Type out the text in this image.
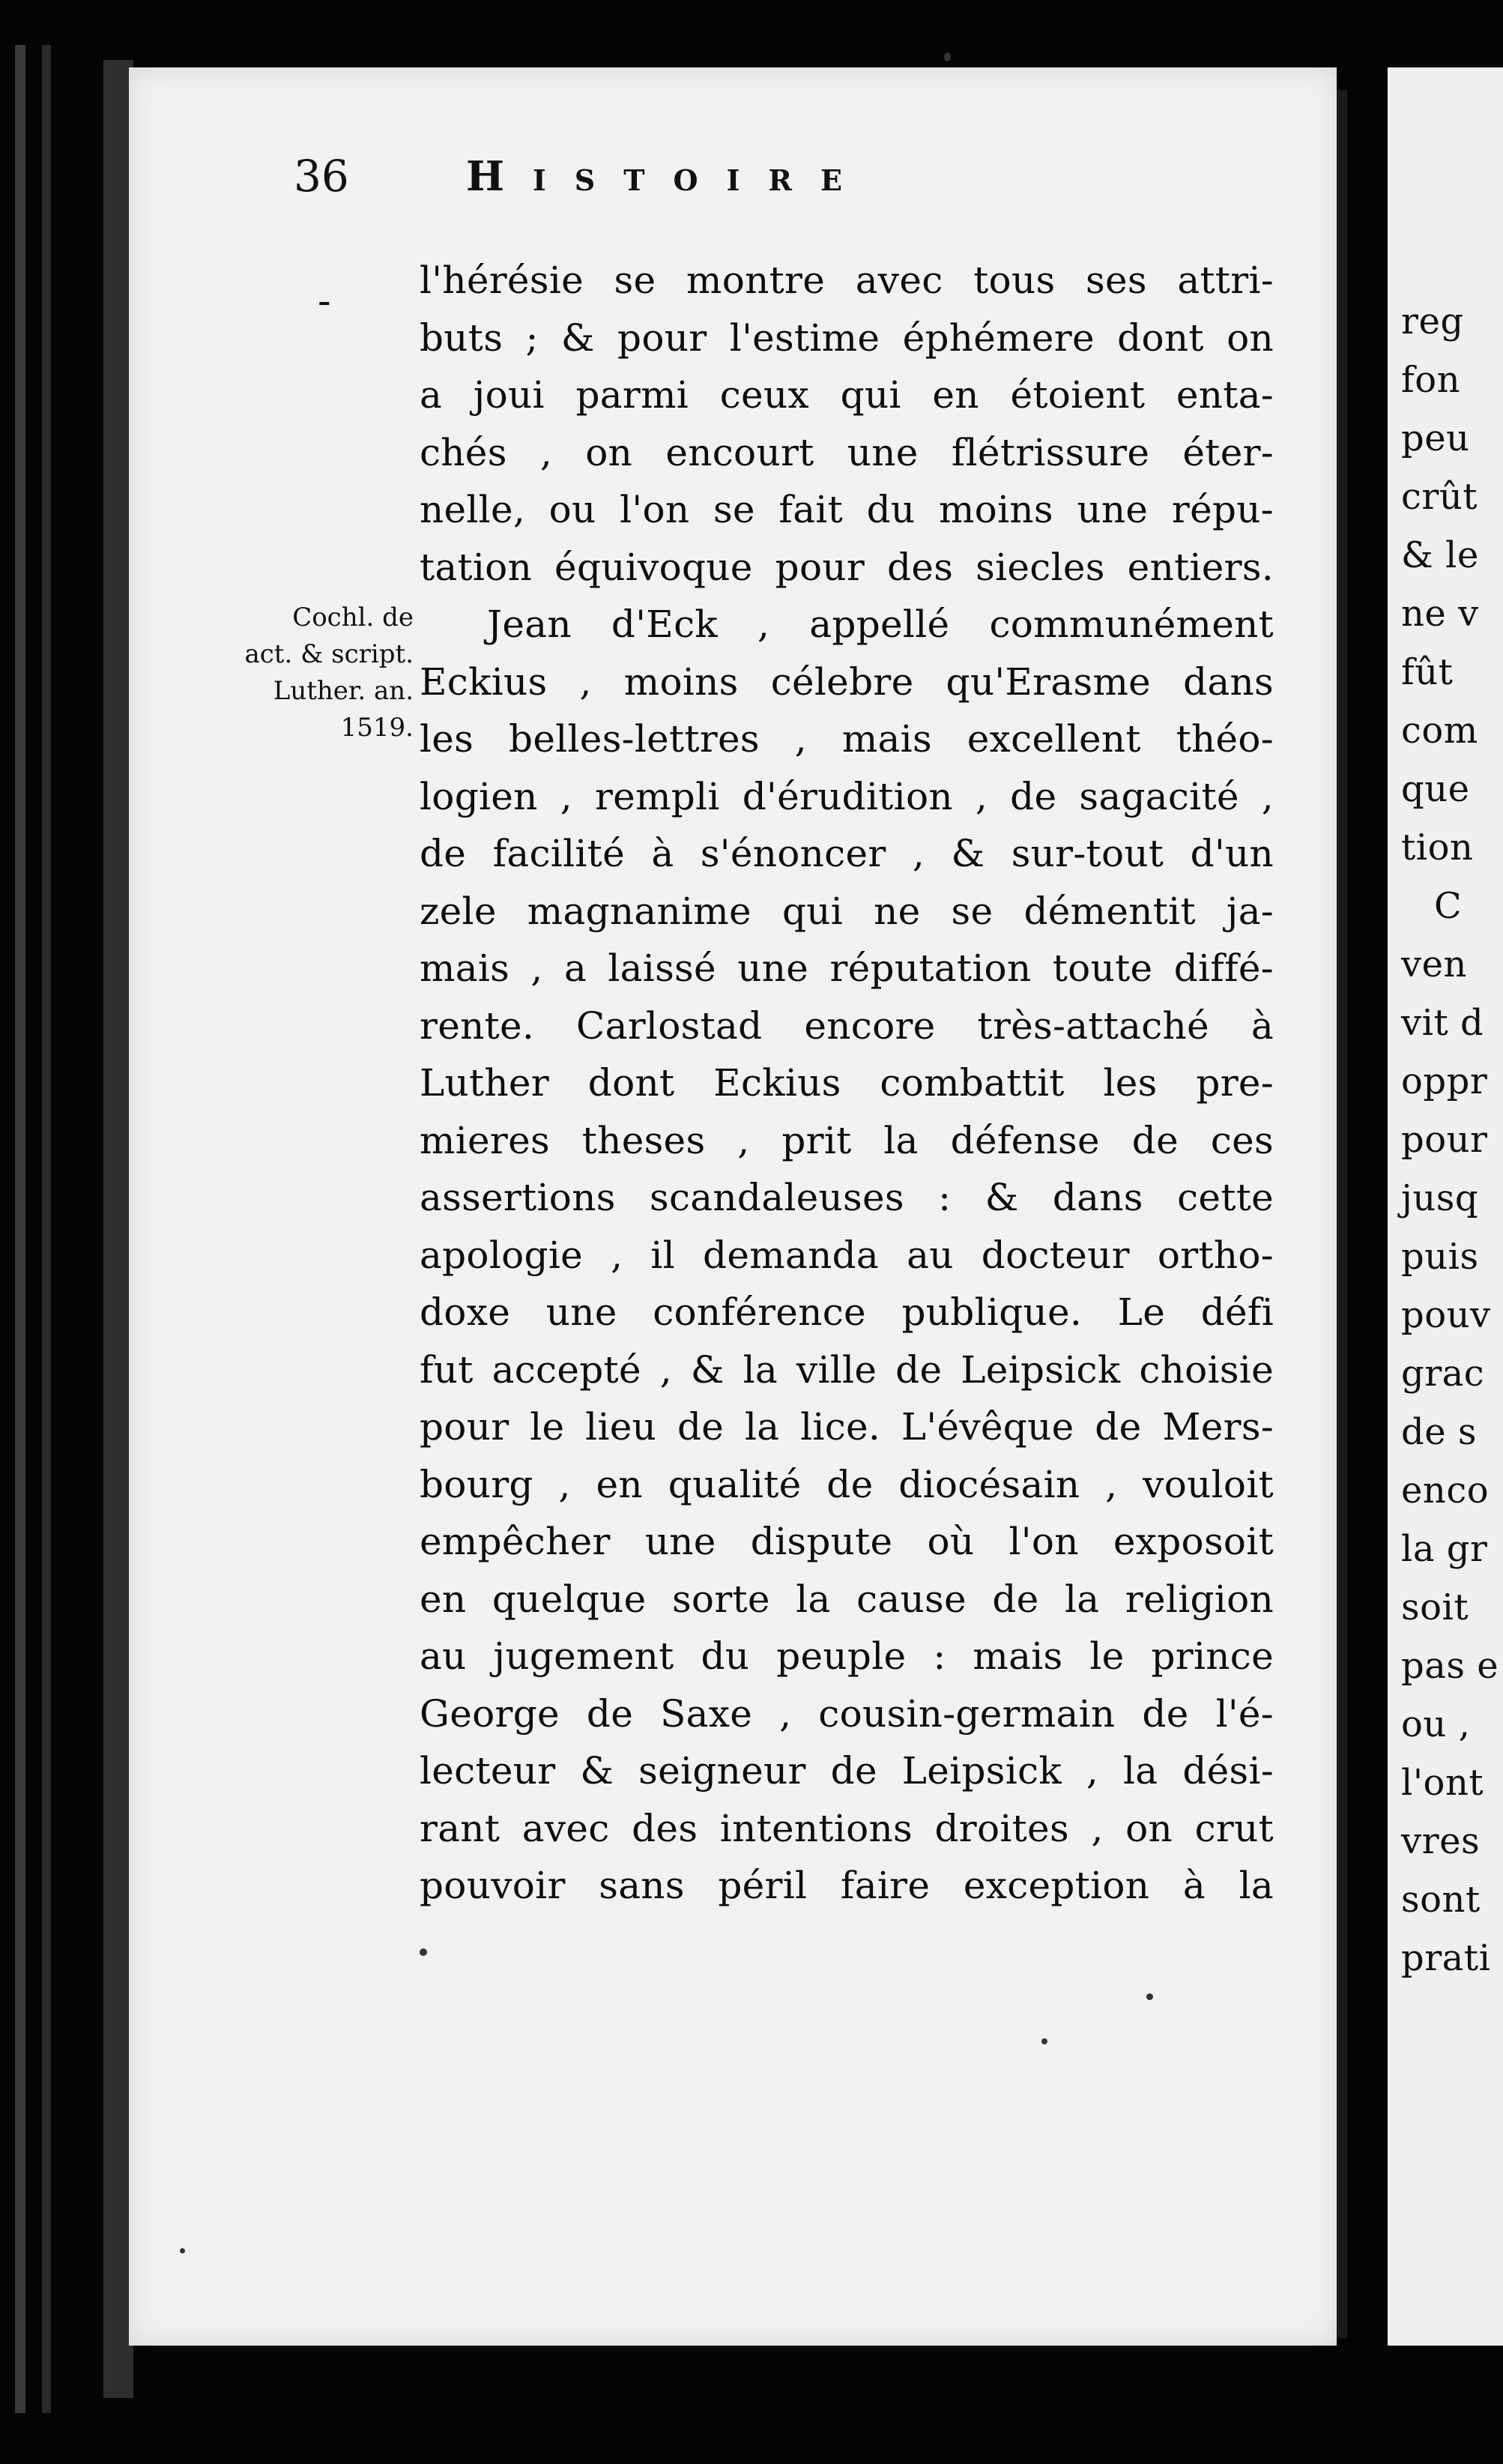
reg
fon
peu
crût
& le
ne v
fût
com
que
tion
C
ven
vit d
oppr
pour
jusq
puis
pouv
grac
de s
enco
la gr
soit
pas e
ou ,
l'ont
vres
sont
prati
36	Histoire
-
Cochl. de
act. & script.
Luther. an.
1519.
l'hérésie se montre avec tous ses attri-
buts ; & pour l'estime éphémere dont on
a joui parmi ceux qui en étoient enta-
chés , on encourt une flétrissure éter-
nelle, ou l'on se fait du moins une répu-
tation équivoque pour des siecles entiers.
Jean d'Eck , appellé communément
Eckius , moins célebre qu'Erasme dans
les belles-lettres , mais excellent théo-
logien , rempli d'érudition , de sagacité ,
de facilité à s'énoncer , & sur-tout d'un
zele magnanime qui ne se démentit ja-
mais , a laissé une réputation toute diffé-
rente. Carlostad encore très-attaché à
Luther dont Eckius combattit les pre-
mieres theses , prit la défense de ces
assertions scandaleuses : & dans cette
apologie , il demanda au docteur ortho-
doxe une conférence publique. Le défi
fut accepté , & la ville de Leipsick choisie
pour le lieu de la lice. L'évêque de Mers-
bourg , en qualité de diocésain , vouloit
empêcher une dispute où l'on exposoit
en quelque sorte la cause de la religion
au jugement du peuple : mais le prince
George de Saxe , cousin-germain de l'é-
lecteur & seigneur de Leipsick , la dési-
rant avec des intentions droites , on crut
pouvoir sans péril faire exception à la
